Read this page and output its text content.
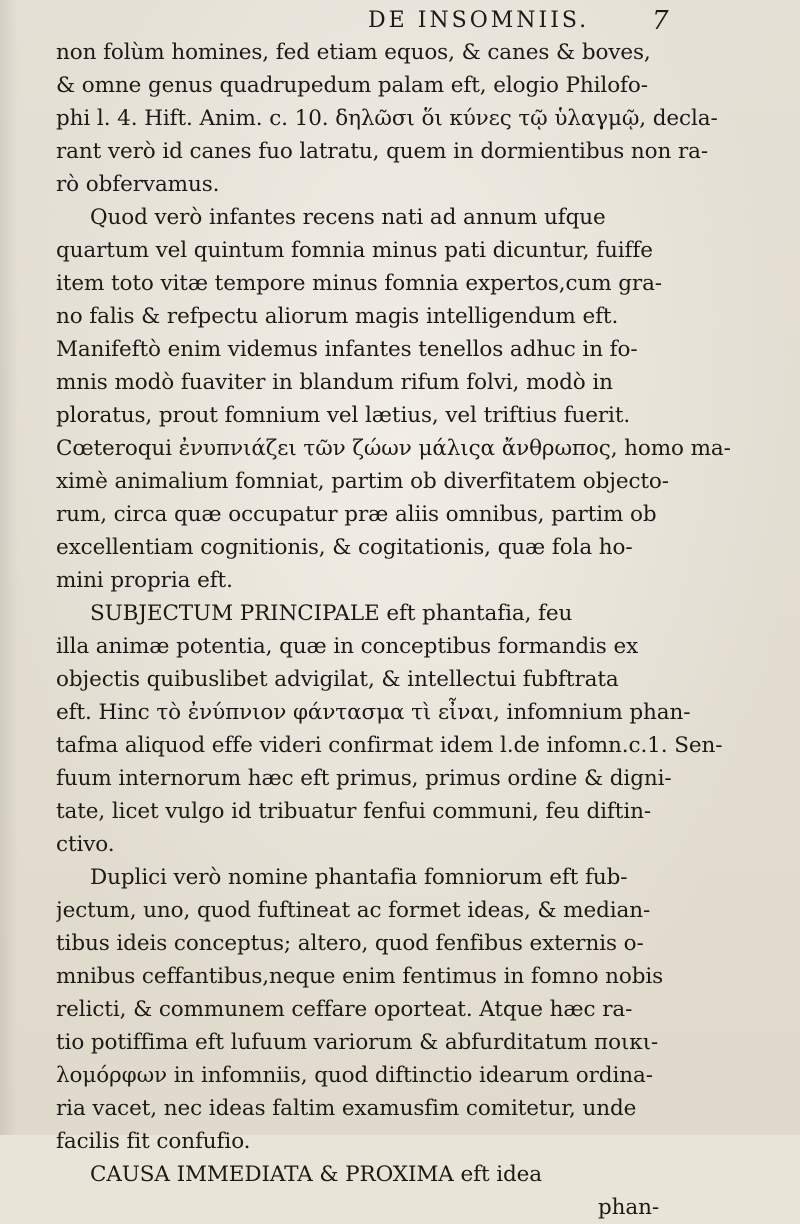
DE INSOMNIIS. 7
non folùm homines, fed etiam equos, & canes & boves,
& omne genus quadrupedum palam eft, elogio Philofo-
phi l. 4. Hift. Anim. c. 10. δηλῶσι ὅι κύνες τῷ ὑλαγμῷ, decla-
rant verò id canes fuo latratu, quem in dormientibus non ra-
rò obfervamus.
Quod verò infantes recens nati ad annum ufque
quartum vel quintum fomnia minus pati dicuntur, fuiffe
item toto vitæ tempore minus fomnia expertos,cum gra-
no falis & refpectu aliorum magis intelligendum eft.
Manifeftò enim videmus infantes tenellos adhuc in fo-
mnis modò fuaviter in blandum rifum folvi, modò in
ploratus, prout fomnium vel lætius, vel triftius fuerit.
Cœteroqui ἐνυπνιάζει τῶν ζώων μάλιςα ἄνθρωπος, homo ma-
ximè animalium fomniat, partim ob diverfitatem objecto-
rum, circa quæ occupatur præ aliis omnibus, partim ob
excellentiam cognitionis, & cogitationis, quæ fola ho-
mini propria eft.
SUBJECTUM PRINCIPALE eft phantafia, feu
illa animæ potentia, quæ in conceptibus formandis ex
objectis quibuslibet advigilat, & intellectui fubftrata
eft. Hinc τὸ ἐνύπνιον φάντασμα τὶ εἶναι, infomnium phan-
tafma aliquod effe videri confirmat idem l.de infomn.c.1. Sen-
fuum internorum hæc eft primus, primus ordine & digni-
tate, licet vulgo id tribuatur fenfui communi, feu diftin-
ctivo.
Duplici verò nomine phantafia fomniorum eft fub-
jectum, uno, quod fuftineat ac formet ideas, & median-
tibus ideis conceptus; altero, quod fenfibus externis o-
mnibus ceffantibus,neque enim fentimus in fomno nobis
relicti, & communem ceffare oporteat. Atque hæc ra-
tio potiffima eft lufuum variorum & abfurditatum ποικι-
λομόρφων in infomniis, quod diftinctio idearum ordina-
ria vacet, nec ideas faltim examusfim comitetur, unde
facilis fit confufio.
CAUSA IMMEDIATA & PROXIMA eft idea
phan-
